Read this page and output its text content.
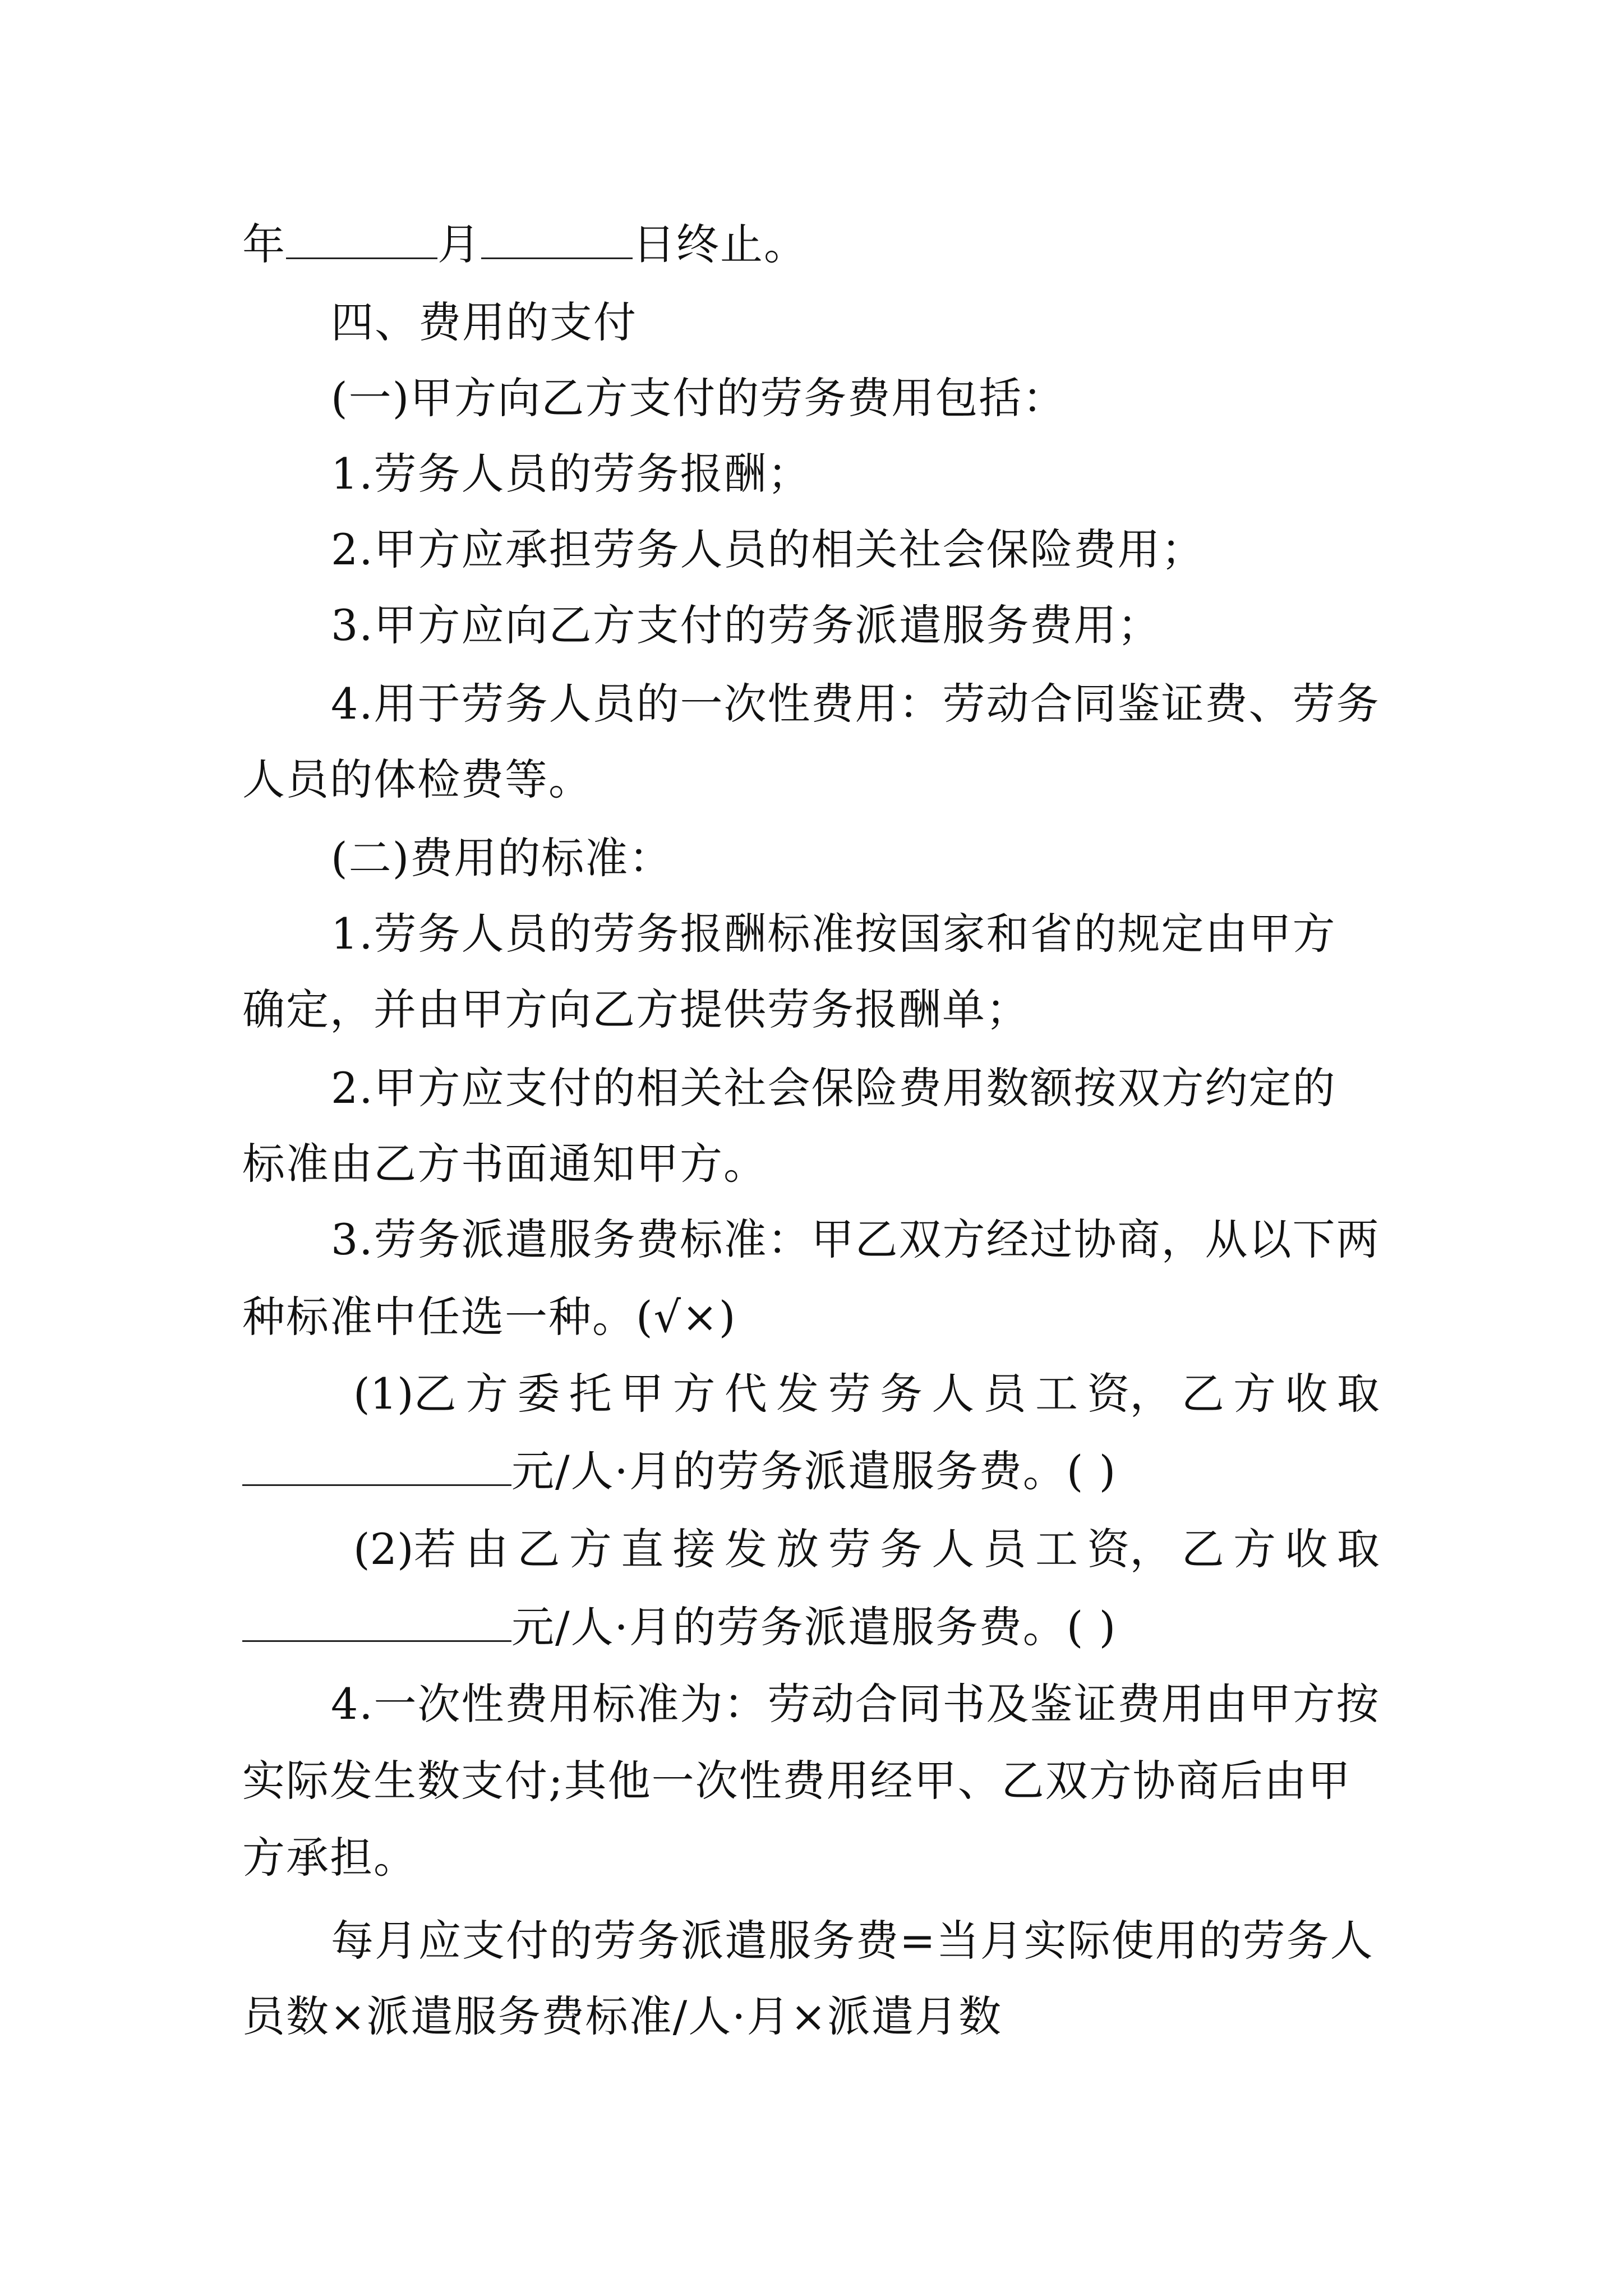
年	月	日终止。
四、费用的支付
(一)甲方向乙方支付的劳务费用包括：
1.劳务人员的劳务报酬；
2.甲方应承担劳务人员的相关社会保险费用；
3.甲方应向乙方支付的劳务派遣服务费用；
4.用于劳务人员的一次性费用：劳动合同鉴证费、劳务
人员的体检费等。
(二)费用的标准：
1.劳务人员的劳务报酬标准按国家和省的规定由甲方
确定，并由甲方向乙方提供劳务报酬单；
2.甲方应支付的相关社会保险费用数额按双方约定的
标准由乙方书面通知甲方。
3.劳务派遣服务费标准：甲乙双方经过协商，从以下两
种标准中任选一种。(√×)
(1)乙 方 委 托 甲 方 代 发 劳 务 人 员 工 资， 乙 方 收 取
元/人·月的劳务派遣服务费。( )
(2)若 由 乙 方 直 接 发 放 劳 务 人 员 工 资， 乙 方 收 取
元/人·月的劳务派遣服务费。( )
4.一次性费用标准为：劳动合同书及鉴证费用由甲方按
实际发生数支付;其他一次性费用经甲、乙双方协商后由甲
方承担。
每月应支付的劳务派遣服务费=当月实际使用的劳务人
员数×派遣服务费标准/人·月×派遣月数
